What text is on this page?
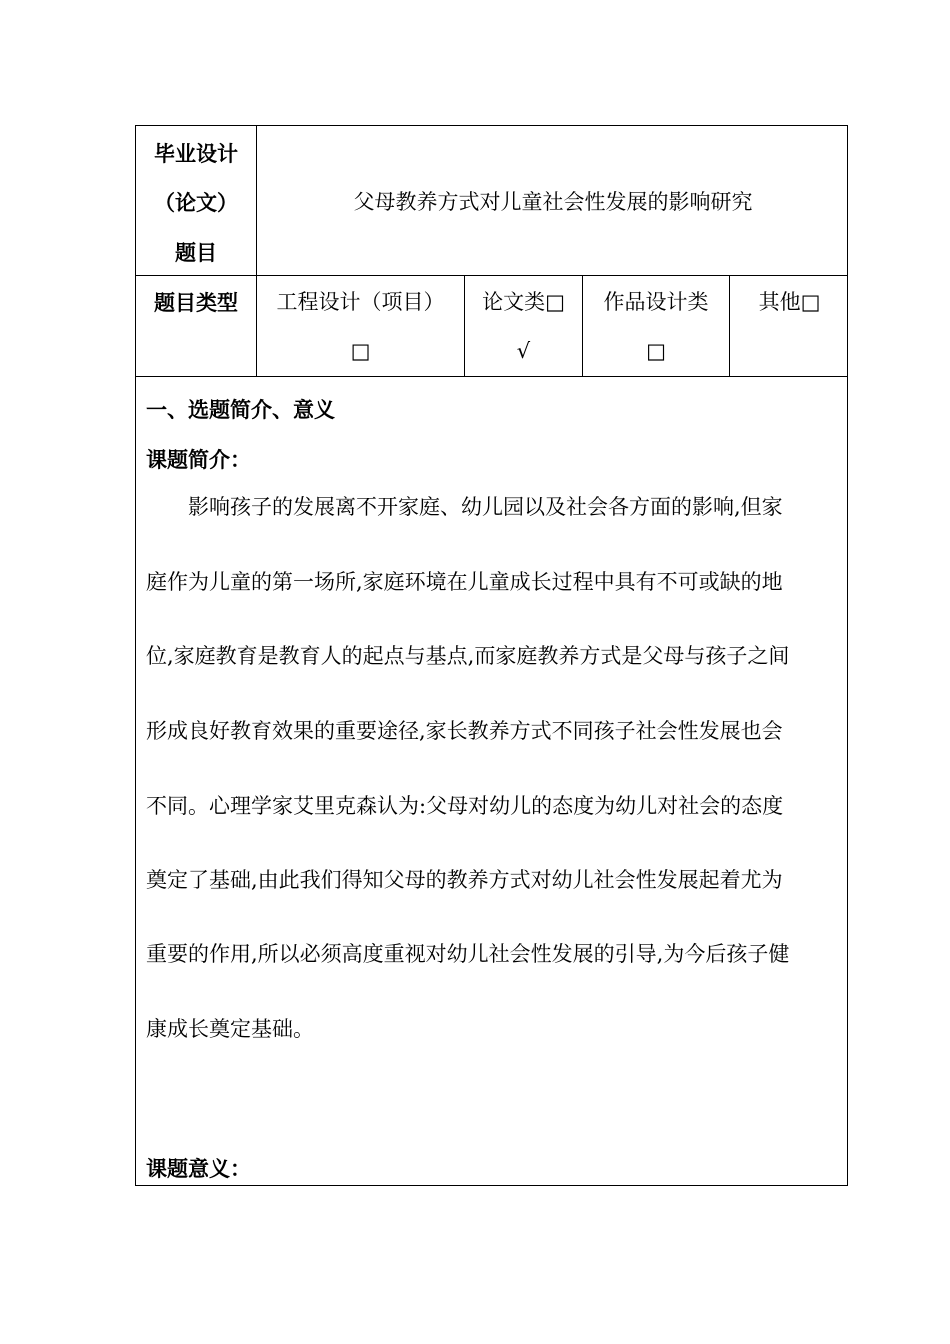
毕业设计
（论文）
题目
父母教养方式对儿童社会性发展的影响研究
题目类型	工程设计（项目）
□
论文类□
√
作品设计类
□
其他□
一、选题简介、意义
课题简介：
影响孩子的发展离不开家庭、幼儿园以及社会各方面的影响,但家
庭作为儿童的第一场所,家庭环境在儿童成长过程中具有不可或缺的地
位,家庭教育是教育人的起点与基点,而家庭教养方式是父母与孩子之间
形成良好教育效果的重要途径,家长教养方式不同孩子社会性发展也会
不同。心理学家艾里克森认为:父母对幼儿的态度为幼儿对社会的态度
奠定了基础,由此我们得知父母的教养方式对幼儿社会性发展起着尤为
重要的作用,所以必须高度重视对幼儿社会性发展的引导,为今后孩子健
康成长奠定基础。
课题意义：
